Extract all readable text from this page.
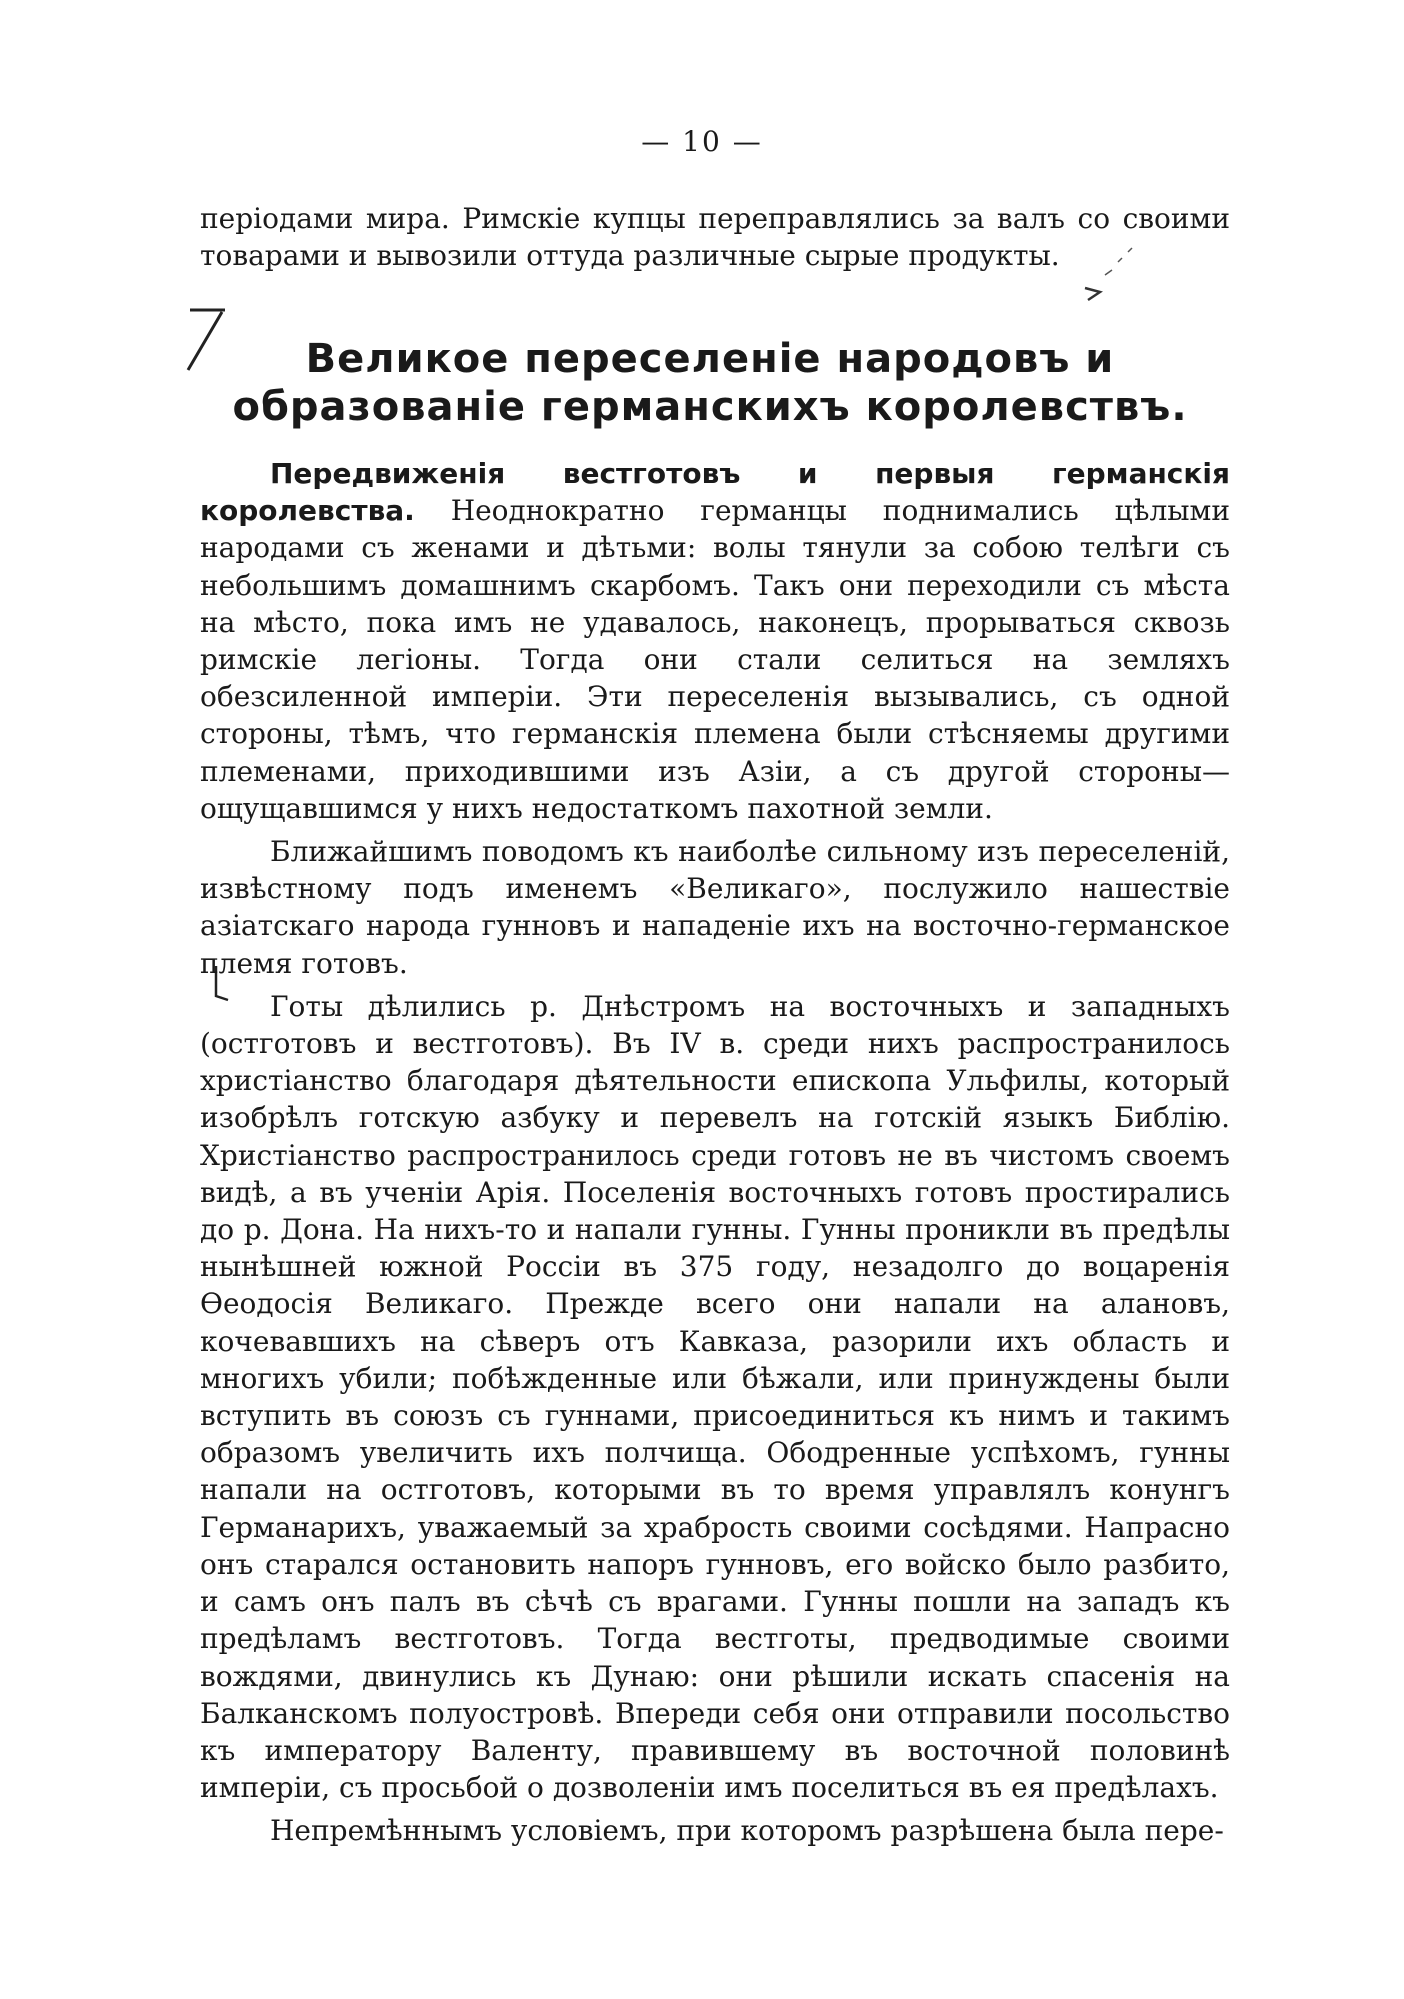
— 10 —
періодами мира. Римскіе купцы переправлялись за валъ со своими товарами и вывозили оттуда различные сырые продукты.
Великое переселеніе народовъ и образованіе германскихъ королевствъ.

Передвиженія вестготовъ и первыя германскія королевства. Неоднократно германцы поднимались цѣлыми народами съ женами и дѣтьми: волы тянули за собою телѣги съ небольшимъ домашнимъ скарбомъ. Такъ они переходили съ мѣста на мѣсто, пока имъ не удавалось, наконецъ, прорываться сквозь римскіе легіоны. Тогда они стали селиться на земляхъ обезсиленной имперіи. Эти переселенія вызывались, съ одной стороны, тѣмъ, что германскія племена были стѣсняемы другими племенами, приходившими изъ Азіи, а съ другой стороны—ощущавшимся у нихъ недостаткомъ пахотной земли.

Ближайшимъ поводомъ къ наиболѣе сильному изъ переселеній, извѣстному подъ именемъ «Великаго», послужило нашествіе азіатскаго народа гунновъ и нападеніе ихъ на восточно-германское племя готовъ.

Готы дѣлились р. Днѣстромъ на восточныхъ и западныхъ (остготовъ и вестготовъ). Въ IV в. среди нихъ распространилось христіанство благодаря дѣятельности епископа Ульфилы, который изобрѣлъ готскую азбуку и перевелъ на готскій языкъ Библію. Христіанство распространилось среди готовъ не въ чистомъ своемъ видѣ, а въ ученіи Арія. Поселенія восточныхъ готовъ простирались до р. Дона. На нихъ-то и напали гунны. Гунны проникли въ предѣлы нынѣшней южной Россіи въ 375 году, незадолго до воцаренія Ѳеодосія Великаго. Прежде всего они напали на алановъ, кочевавшихъ на сѣверъ отъ Кавказа, разорили ихъ область и многихъ убили; побѣжденные или бѣжали, или принуждены были вступить въ союзъ съ гуннами, присоединиться къ нимъ и такимъ образомъ увеличить ихъ полчища. Ободренные успѣхомъ, гунны напали на остготовъ, которыми въ то время управлялъ конунгъ Германарихъ, уважаемый за храбрость своими сосѣдями. Напрасно онъ старался остановить напоръ гунновъ, его войско было разбито, и самъ онъ палъ въ сѣчѣ съ врагами. Гунны пошли на западъ къ предѣламъ вестготовъ. Тогда вестготы, предводимые своими вождями, двинулись къ Дунаю: они рѣшили искать спасенія на Балканскомъ полуостровѣ. Впереди себя они отправили посольство къ императору Валенту, правившему въ восточной половинѣ имперіи, съ просьбой о дозволеніи имъ поселиться въ ея предѣлахъ.

Непремѣннымъ условіемъ, при которомъ разрѣшена была пере-
